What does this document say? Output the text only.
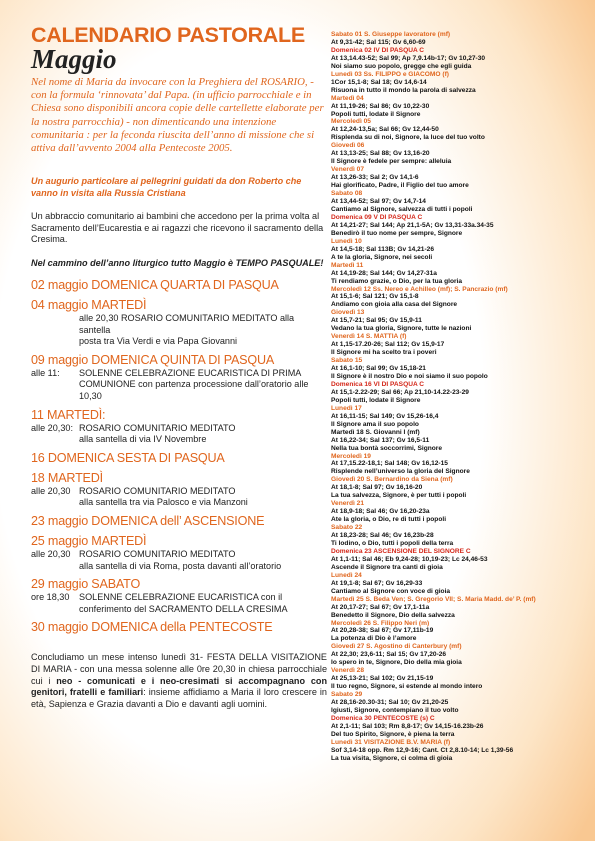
CALENDARIO PASTORALE
Maggio

Nel nome di Maria da invocare con la Preghiera del ROSARIO, - con la formula ‘rinnovata’ dal Papa. (in ufficio parrocchiale e in Chiesa sono disponibili ancora copie delle cartellette elaborate per la nostra parrocchia) - non dimenticando una intenzione comunitaria : per la feconda riuscita dell’anno di missione che si attiva dall’avvento 2004 alla Pentecoste 2005.

Un augurio particolare ai pellegrini guidati da don Roberto che vanno in visita alla Russia Cristiana

Un abbraccio comunitario ai bambini che accedono per la prima volta al Sacramento dell’Eucarestia e ai ragazzi che ricevono il sacramento della Cresima.

Nel cammino dell’anno liturgico tutto Maggio è TEMPO PASQUALE!

02 maggio DOMENICA QUARTA DI PASQUA
04 maggio MARTEDÌ
alle 20,30 ROSARIO COMUNITARIO MEDITATO alla santella
posta tra Via Verdi e via Papa Giovanni
09 maggio DOMENICA QUINTA DI PASQUA
alle 11:	SOLENNE CELEBRAZIONE EUCARISTICA DI PRIMA COMUNIONE con partenza processione dall’oratorio alle 10,30
11 MARTEDÌ:
alle 20,30: ROSARIO COMUNITARIO MEDITATO
alla santella di via IV Novembre
16 DOMENICA SESTA DI PASQUA
18 MARTEDÌ
alle 20,30 ROSARIO COMUNITARIO MEDITATO
alla santella tra via Palosco e via Manzoni
23 maggio DOMENICA dell’ ASCENSIONE
25 maggio MARTEDÌ
alle 20,30 ROSARIO COMUNITARIO MEDITATO
alla santella di via Roma, posta davanti all’oratorio
29 maggio SABATO
ore 18,30	SOLENNE CELEBRAZIONE EUCARISTICA con il conferimento del SACRAMENTO DELLA CRESIMA
30 maggio DOMENICA della PENTECOSTE

Concludiamo un mese intenso lunedì 31- FESTA DELLA VISITAZIONE DI MARIA - con una messa solenne alle 0re 20,30 in chiesa parrocchiale cui i neo - comunicati e i neo-cresimati si accompagnano con genitori, fratelli e familiari: insieme affidiamo a Maria il loro crescere in età, Sapienza e Grazia davanti a Dio e davanti agli uomini.

Sabato 01 S. Giuseppe lavoratore (mf)
At 9,31-42; Sal 115; Gv 6,60-69
Domenica 02 IV DI PASQUA C
At 13,14.43-52; Sal 99; Ap 7,9.14b-17; Gv 10,27-30
Noi siamo suo popolo, gregge che egli guida
Lunedì 03 Ss. FILIPPO e GIACOMO (f)
1Cor 15,1-8; Sal 18; Gv 14,6-14
Risuona in tutto il mondo la parola di salvezza
Martedì 04
At 11,19-26; Sal 86; Gv 10,22-30
Popoli tutti, lodate il Signore
Mercoledì 05
At 12,24-13,5a; Sal 66; Gv 12,44-50
Risplenda su di noi, Signore, la luce del tuo volto
Giovedì 06
At 13,13-25; Sal 88; Gv 13,16-20
Il Signore è fedele per sempre: alleluia
Venerdì 07
At 13,26-33; Sal 2; Gv 14,1-6
Hai glorificato, Padre, il Figlio del tuo amore
Sabato 08
At 13,44-52; Sal 97; Gv 14,7-14
Cantiamo al Signore, salvezza di tutti i popoli
Domenica 09 V DI PASQUA C
At 14,21-27; Sal 144; Ap 21,1-5A; Gv 13,31-33a.34-35
Benedirò il tuo nome per sempre, Signore
Lunedì 10
At 14,5-18; Sal 113B; Gv 14,21-26
A te la gloria, Signore, nei secoli
Martedì 11
At 14,19-28; Sal 144; Gv 14,27-31a
Ti rendiamo grazie, o Dio, per la tua gloria
Mercoledì 12 Ss. Nereo e Achilleo (mf); S. Pancrazio (mf)
At 15,1-6; Sal 121; Gv 15,1-8
Andiamo con gioia alla casa del Signore
Giovedì 13
At 15,7-21; Sal 95; Gv 15,9-11
Vedano la tua gloria, Signore, tutte le nazioni
Venerdì 14 S. MATTIA (f)
At 1,15-17.20-26; Sal 112; Gv 15,9-17
Il Signore mi ha scelto tra i poveri
Sabato 15
At 16,1-10; Sal 99; Gv 15,18-21
Il Signore è il nostro Dio e noi siamo il suo popolo
Domenica 16 VI DI PASQUA C
At 15,1-2.22-29; Sal 66; Ap 21,10-14.22-23-29
Popoli tutti, lodate il Signore
Lunedì 17
At 16,11-15; Sal 149; Gv 15,26-16,4
Il Signore ama il suo popolo
Martedì 18 S. Giovanni I (mf)
At 16,22-34; Sal 137; Gv 16,5-11
Nella tua bontà soccorrimi, Signore
Mercoledì 19
At 17,15.22-18,1; Sal 148; Gv 16,12-15
Risplende nell’universo la gloria del Signore
Giovedì 20 S. Bernardino da Siena (mf)
At 18,1-8; Sal 97; Gv 16,16-20
La tua salvezza, Signore, è per tutti i popoli
Venerdì 21
At 18,9-18; Sal 46; Gv 16,20-23a
Ate la gloria, o Dio, re di tutti i popoli
Sabato 22
At 18,23-28; Sal 46; Gv 16,23b-28
Ti lodino, o Dio, tutti i popoli della terra
Domenica 23 ASCENSIONE DEL SIGNORE C
At 1,1-11; Sal 46; Eb 9,24-28; 10,19-23; Lc 24,46-53
Ascende il Signore tra canti di gioia
Lunedì 24
At 19,1-8; Sal 67; Gv 16,29-33
Cantiamo al Signore con voce di gioia
Martedì 25 S. Beda Ven; S. Gregorio VII; S. Maria Madd. de’ P. (mf)
At 20,17-27; Sal 67; Gv 17,1-11a
Benedetto il Signore, Dio della salvezza
Mercoledì 26 S. Filippo Neri (m)
At 20,28-38; Sal 67; Gv 17,11b-19
La potenza di Dio è l’amore
Giovedì 27 S. Agostino di Canterbury (mf)
At 22,30; 23,6-11; Sal 15; Gv 17,20-26
Io spero in te, Signore, Dio della mia gioia
Venerdì 28
At 25,13-21; Sal 102; Gv 21,15-19
Il tuo regno, Signore, si estende al mondo intero
Sabato 29
At 28,16-20.30-31; Sal 10; Gv 21,20-25
Igiusti, Signore, contempiano il tuo volto
Domenica 30 PENTECOSTE (s) C
At 2,1-11; Sal 103; Rm 8,8-17; Gv 14,15-16.23b-26
Del tuo Spirito, Signore, è piena la terra
Lunedì 31 VISITAZIONE B.V. MARIA (f)
Sof 3,14-18 opp. Rm 12,9-16; Cant. Ct 2,8.10-14; Lc 1,39-56
La tua visita, Signore, ci colma di gioia
